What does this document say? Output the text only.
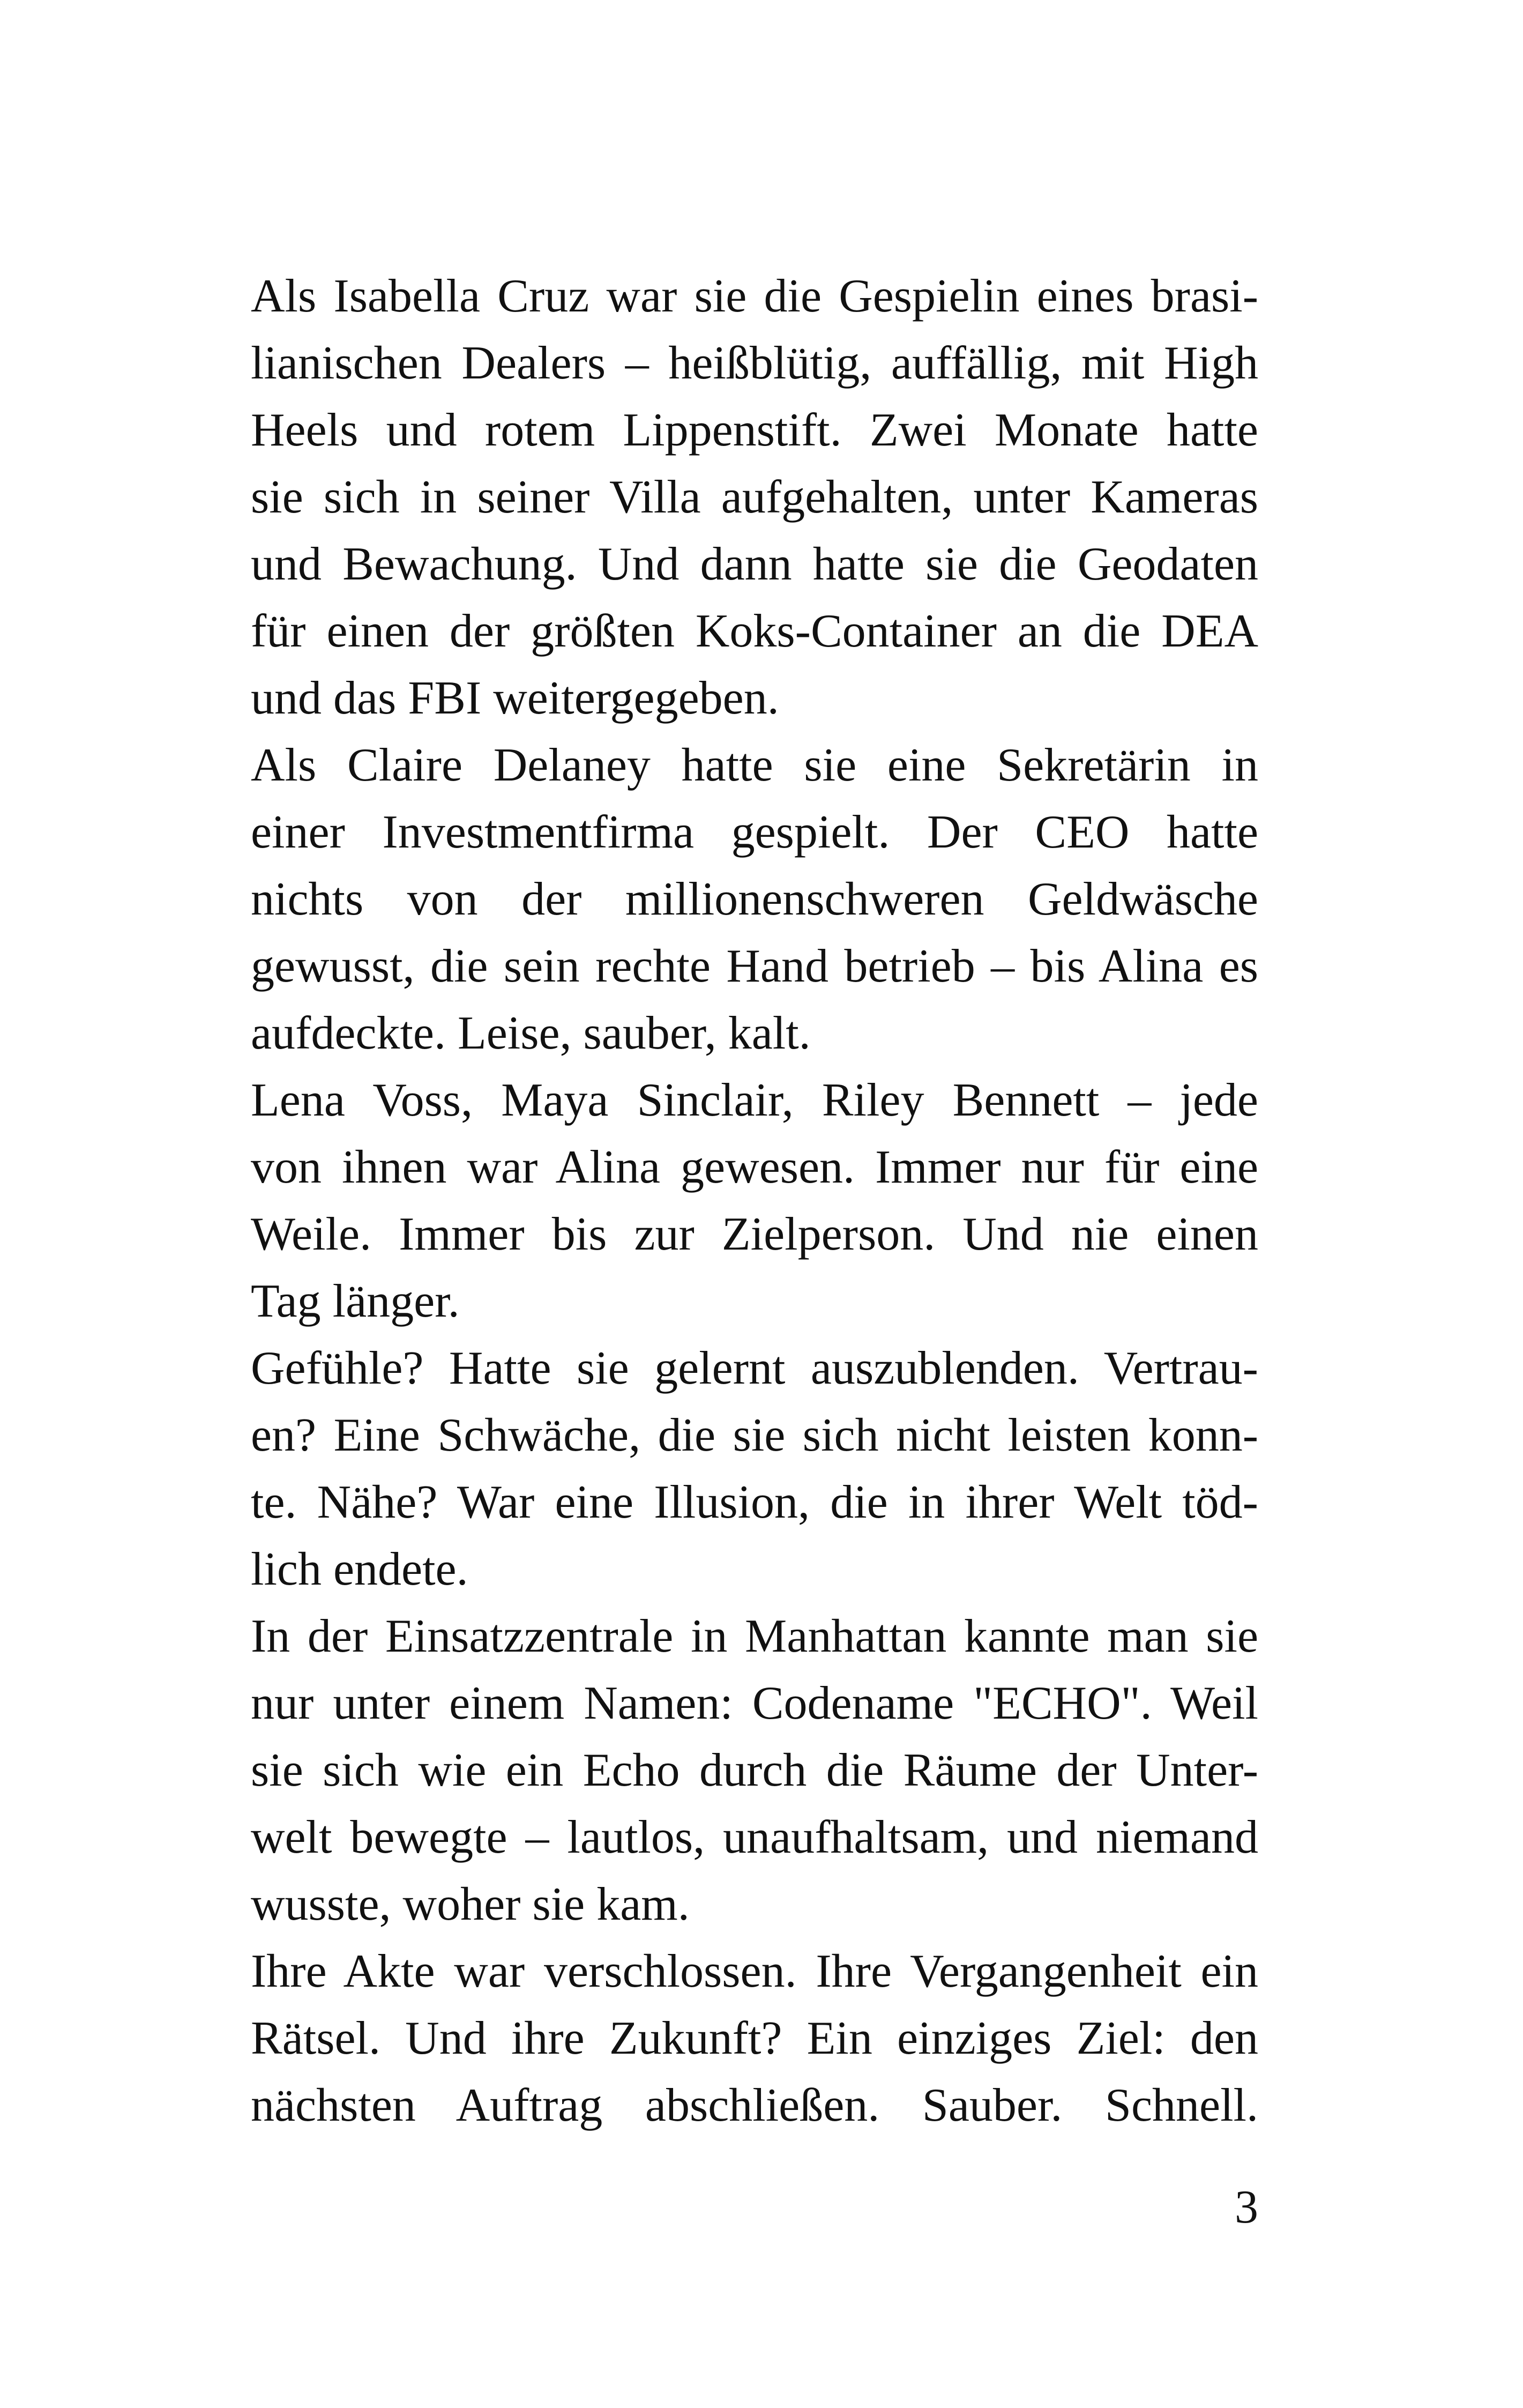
Als Isabella Cruz war sie die Gespielin eines brasi-
lianischen Dealers – heißblütig, auffällig, mit High
Heels und rotem Lippenstift. Zwei Monate hatte
sie sich in seiner Villa aufgehalten, unter Kameras
und Bewachung. Und dann hatte sie die Geodaten
für einen der größten Koks-Container an die DEA
und das FBI weitergegeben.
Als Claire Delaney hatte sie eine Sekretärin in
einer Investmentfirma gespielt. Der CEO hatte
nichts von der millionenschweren Geldwäsche
gewusst, die sein rechte Hand betrieb – bis Alina es
aufdeckte. Leise, sauber, kalt.
Lena Voss, Maya Sinclair, Riley Bennett – jede
von ihnen war Alina gewesen. Immer nur für eine
Weile. Immer bis zur Zielperson. Und nie einen
Tag länger.
Gefühle? Hatte sie gelernt auszublenden. Vertrau-
en? Eine Schwäche, die sie sich nicht leisten konn-
te. Nähe? War eine Illusion, die in ihrer Welt töd-
lich endete.
In der Einsatzzentrale in Manhattan kannte man sie
nur unter einem Namen: Codename "ECHO". Weil
sie sich wie ein Echo durch die Räume der Unter-
welt bewegte – lautlos, unaufhaltsam, und niemand
wusste, woher sie kam.
Ihre Akte war verschlossen. Ihre Vergangenheit ein
Rätsel. Und ihre Zukunft? Ein einziges Ziel: den
nächsten Auftrag abschließen. Sauber. Schnell.
3
